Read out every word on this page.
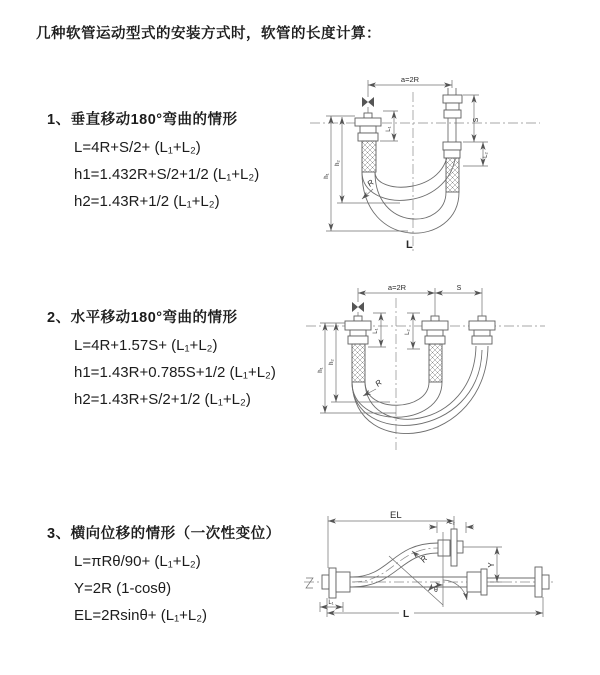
几种软管运动型式的安装方式时，软管的长度计算：
1、垂直移动180°弯曲的情形
L=4R+S/2+ (L₁+L₂)
h1=1.432R+S/2+1/2 (L₁+L₂)
h2=1.43R+1/2 (L₁+L₂)
2、水平移动180°弯曲的情形
L=4R+1.57S+ (L₁+L₂)
h1=1.43R+0.785S+1/2 (L₁+L₂)
h2=1.43R+S/2+1/2 (L₁+L₂)
3、横向位移的情形（一次性变位）
L=πRθ/90+ (L₁+L₂)
Y=2R (1-cosθ)
EL=2Rsinθ+ (L₁+L₂)
a=2R
L₁
S
L₂
h₁
h₂
R
L
a=2R	S
L₁	L₂
h₁
h₂
R
θ
EL
L₂
Y
L₁
L
R
